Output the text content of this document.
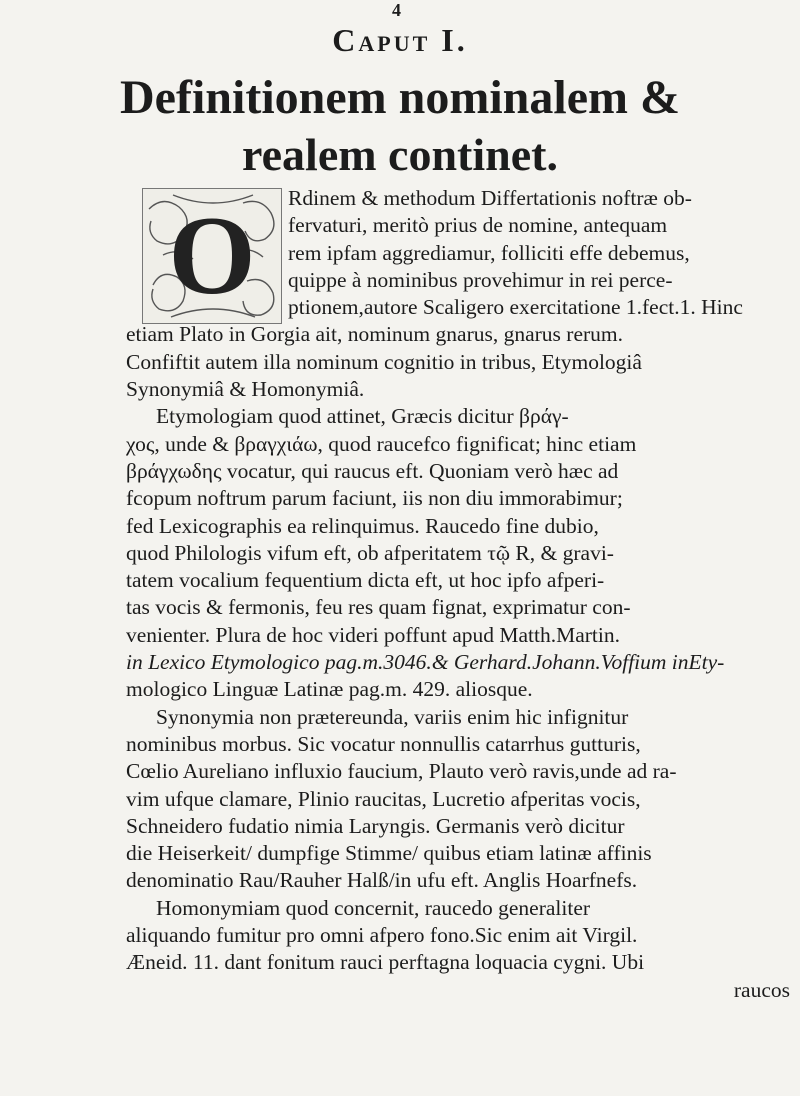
4
Caput I.
Definitionem nominalem &
realem continet.
O	Rdinem & methodum Differtationis noftræ ob-
fervaturi, meritò prius de nomine, antequam
rem ipfam aggrediamur, folliciti effe debemus,
quippe à nominibus provehimur in rei perce-
ptionem,autore Scaligero exercitatione 1.fect.1. Hinc
etiam Plato in Gorgia ait, nominum gnarus, gnarus rerum.
Confiftit autem illa nominum cognitio in tribus, Etymologiâ
Synonymiâ & Homonymiâ.
Etymologiam quod attinet, Græcis dicitur βράγ-
χος, unde & βραγχιάω, quod raucefco fignificat; hinc etiam
βράγχωδης vocatur, qui raucus eft. Quoniam verò hæc ad
fcopum noftrum parum faciunt, iis non diu immorabimur;
fed Lexicographis ea relinquimus. Raucedo fine dubio,
quod Philologis vifum eft, ob afperitatem τῷ R, & gravi-
tatem vocalium fequentium dicta eft, ut hoc ipfo afperi-
tas vocis & fermonis, feu res quam fignat, exprimatur con-
venienter. Plura de hoc videri poffunt apud Matth.Martin.
in Lexico Etymologico pag.m.3046.& Gerhard.Johann.Voffium inEty-
mologico Linguæ Latinæ pag.m. 429. aliosque.
Synonymia non prætereunda, variis enim hic infignitur
nominibus morbus. Sic vocatur nonnullis catarrhus gutturis,
Cœlio Aureliano influxio faucium, Plauto verò ravis,unde ad ra-
vim ufque clamare, Plinio raucitas, Lucretio afperitas vocis,
Schneidero fudatio nimia Laryngis. Germanis verò dicitur
die Heiserkeit/ dumpfige Stimme/ quibus etiam latinæ affinis
denominatio Rau/Rauher Halß/in ufu eft. Anglis Hoarfnefs.
Homonymiam quod concernit, raucedo generaliter
aliquando fumitur pro omni afpero fono.Sic enim ait Virgil.
Æneid. 11. dant fonitum rauci perftagna loquacia cygni. Ubi
raucos
